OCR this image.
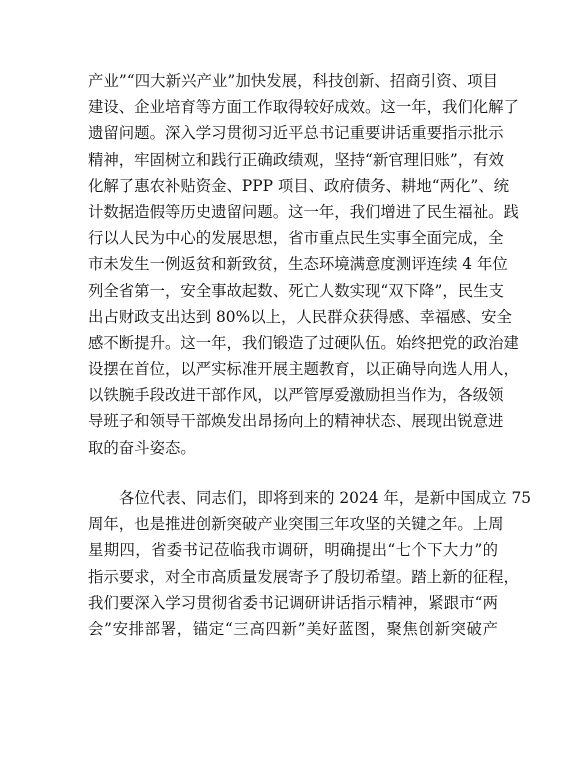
产业”“四大新兴产业”加快发展，科技创新、招商引资、项目
建设、企业培育等方面工作取得较好成效。这一年，我们化解了
遗留问题。深入学习贯彻习近平总书记重要讲话重要指示批示
精神，牢固树立和践行正确政绩观，坚持“新官理旧账”，有效
化解了惠农补贴资金、PPP 项目、政府债务、耕地“两化”、统
计数据造假等历史遗留问题。这一年，我们增进了民生福祉。践
行以人民为中心的发展思想，省市重点民生实事全面完成，全
市未发生一例返贫和新致贫，生态环境满意度测评连续 4 年位
列全省第一，安全事故起数、死亡人数实现“双下降”，民生支
出占财政支出达到 80%以上，人民群众获得感、幸福感、安全
感不断提升。这一年，我们锻造了过硬队伍。始终把党的政治建
设摆在首位，以严实标准开展主题教育，以正确导向选人用人，
以铁腕手段改进干部作风，以严管厚爱激励担当作为，各级领
导班子和领导干部焕发出昂扬向上的精神状态、展现出锐意进
取的奋斗姿态。
各位代表、同志们，即将到来的 2024 年，是新中国成立 75
周年，也是推进创新突破产业突围三年攻坚的关键之年。上周
星期四，省委书记莅临我市调研，明确提出“七个下大力”的
指示要求，对全市高质量发展寄予了殷切希望。踏上新的征程，
我们要深入学习贯彻省委书记调研讲话指示精神，紧跟市“两
会”安排部署，锚定“三高四新”美好蓝图，聚焦创新突破产
